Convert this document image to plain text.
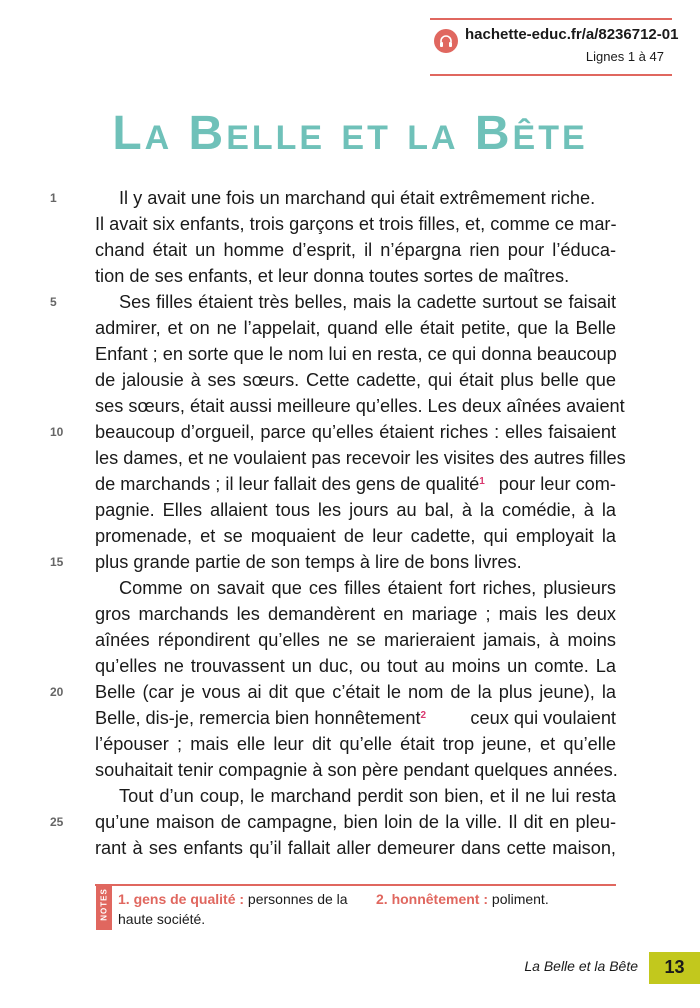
hachette-educ.fr/a/8236712-01
Lignes 1 à 47
La Belle et la Bête
1
5
10
15
20
25
Il y avait une fois un marchand qui était extrêmement riche.
Il avait six enfants, trois garçons et trois filles, et, comme ce mar-
chand était un homme d’esprit, il n’épargna rien pour l’éduca-
tion de ses enfants, et leur donna toutes sortes de maîtres.
Ses filles étaient très belles, mais la cadette surtout se faisait
admirer, et on ne l’appelait, quand elle était petite, que la Belle
Enfant ; en sorte que le nom lui en resta, ce qui donna beaucoup
de jalousie à ses sœurs. Cette cadette, qui était plus belle que
ses sœurs, était aussi meilleure qu’elles. Les deux aînées avaient
beaucoup d’orgueil, parce qu’elles étaient riches : elles faisaient
les dames, et ne voulaient pas recevoir les visites des autres filles
de marchands ; il leur fallait des gens de qualité$^1$ pour leur com-
pagnie. Elles allaient tous les jours au bal, à la comédie, à la
promenade, et se moquaient de leur cadette, qui employait la
plus grande partie de son temps à lire de bons livres.
Comme on savait que ces filles étaient fort riches, plusieurs
gros marchands les demandèrent en mariage ; mais les deux
aînées répondirent qu’elles ne se marieraient jamais, à moins
qu’elles ne trouvassent un duc, ou tout au moins un comte. La
Belle (car je vous ai dit que c’était le nom de la plus jeune), la
Belle, dis-je, remercia bien honnêtement$^2$ ceux qui voulaient
l’épouser ; mais elle leur dit qu’elle était trop jeune, et qu’elle
souhaitait tenir compagnie à son père pendant quelques années.
Tout d’un coup, le marchand perdit son bien, et il ne lui resta
qu’une maison de campagne, bien loin de la ville. Il dit en pleu-
rant à ses enfants qu’il fallait aller demeurer dans cette maison,
NOTES 1. gens de qualité : personnes de la
haute société.
2. honnêtement : poliment.
La Belle et la Bête	13
